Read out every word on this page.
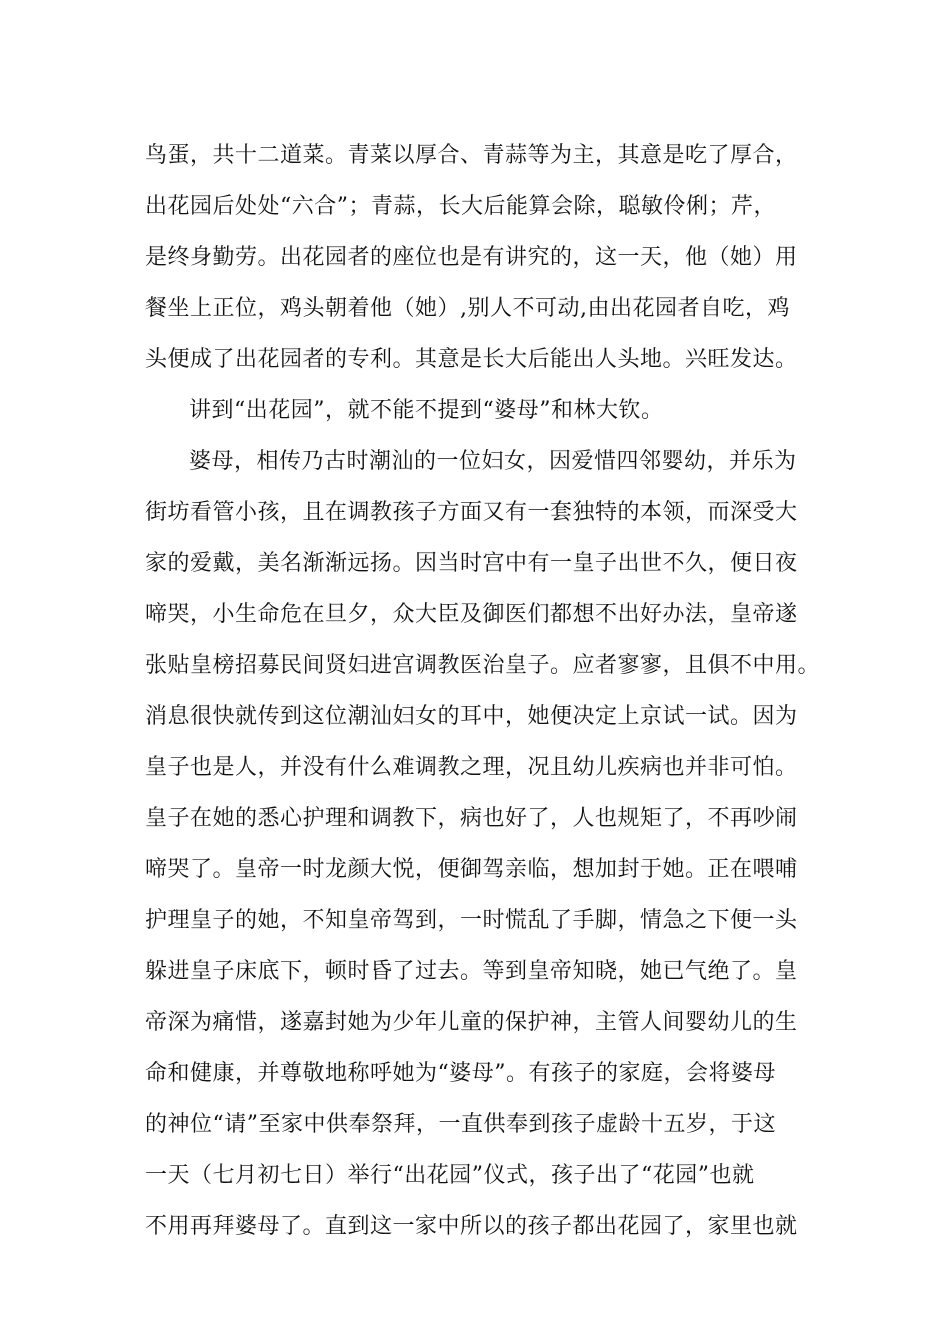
鸟蛋，共十二道菜。青菜以厚合、青蒜等为主，其意是吃了厚合，
出花园后处处“六合”；青蒜，长大后能算会除，聪敏伶俐；芹，
是终身勤劳。出花园者的座位也是有讲究的，这一天，他（她）用
餐坐上正位，鸡头朝着他（她）,别人不可动,由出花园者自吃，鸡
头便成了出花园者的专利。其意是长大后能出人头地。兴旺发达。
讲到“出花园”，就不能不提到“婆母”和林大钦。
婆母，相传乃古时潮汕的一位妇女，因爱惜四邻婴幼，并乐为
街坊看管小孩，且在调教孩子方面又有一套独特的本领，而深受大
家的爱戴，美名渐渐远扬。因当时宫中有一皇子出世不久，便日夜
啼哭，小生命危在旦夕，众大臣及御医们都想不出好办法，皇帝遂
张贴皇榜招募民间贤妇进宫调教医治皇子。应者寥寥，且俱不中用。
消息很快就传到这位潮汕妇女的耳中，她便决定上京试一试。因为
皇子也是人，并没有什么难调教之理，况且幼儿疾病也并非可怕。
皇子在她的悉心护理和调教下，病也好了，人也规矩了，不再吵闹
啼哭了。皇帝一时龙颜大悦，便御驾亲临，想加封于她。正在喂哺
护理皇子的她，不知皇帝驾到，一时慌乱了手脚，情急之下便一头
躲进皇子床底下，顿时昏了过去。等到皇帝知晓，她已气绝了。皇
帝深为痛惜，遂嘉封她为少年儿童的保护神，主管人间婴幼儿的生
命和健康，并尊敬地称呼她为“婆母”。有孩子的家庭，会将婆母
的神位“请”至家中供奉祭拜，一直供奉到孩子虚龄十五岁，于这
一天（七月初七日）举行“出花园”仪式，孩子出了“花园”也就
不用再拜婆母了。直到这一家中所以的孩子都出花园了，家里也就
